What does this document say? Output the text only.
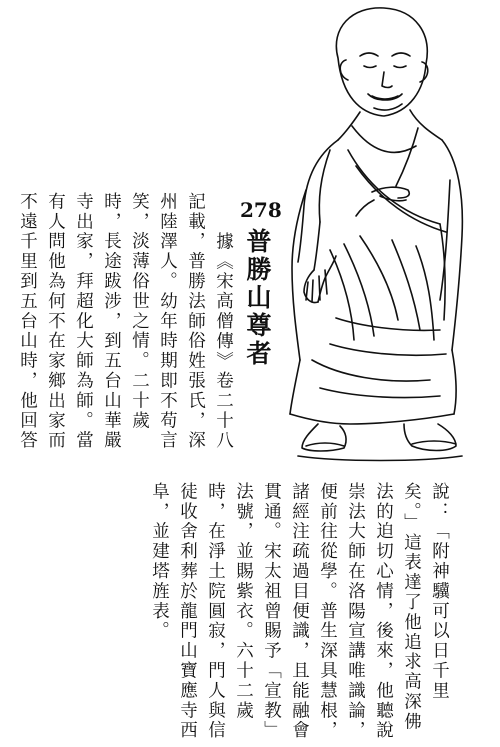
278
普勝山尊者
據《宋高僧傳》卷二十八
記載，普勝法師俗姓張氏，深
州陸澤人。幼年時期即不苟言
笑，淡薄俗世之情。二十歲
時，長途跋涉，到五台山華嚴
寺出家，拜超化大師為師。當
有人問他為何不在家鄉出家而
不遠千里到五台山時，他回答
說：「附神驥可以日千里
矣。」這表達了他追求高深佛
法的迫切心情，後來，他聽說
崇法大師在洛陽宣講唯識論，
便前往從學。普生深具慧根，
諸經注疏過目便識，且能融會
貫通。宋太祖曾賜予「宣教」
法號，並賜紫衣。六十二歲
時，在淨土院圓寂，門人與信
徒收舍利葬於龍門山寶應寺西
阜，並建塔旌表。
